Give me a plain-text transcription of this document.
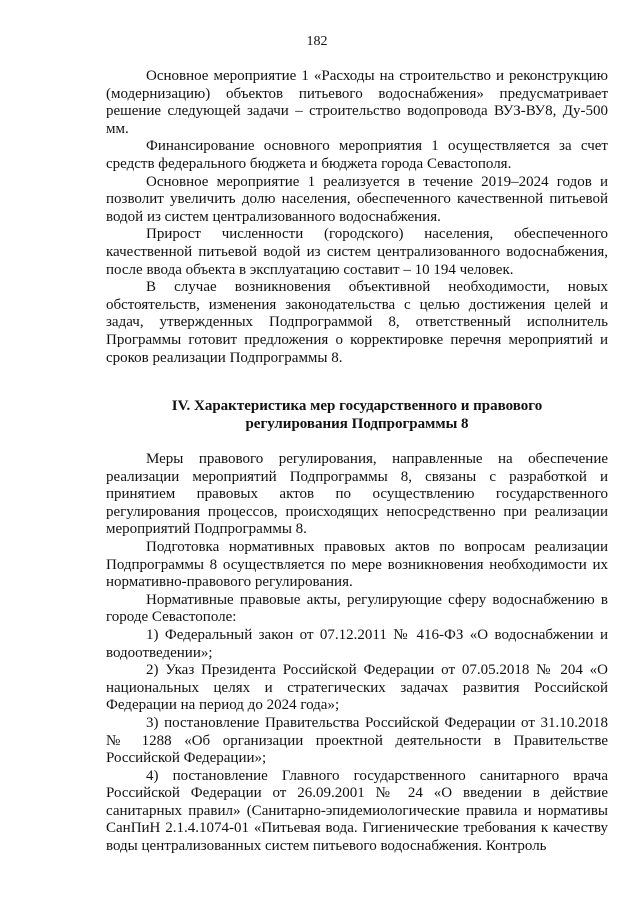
182

Основное мероприятие 1 «Расходы на строительство и реконструкцию (модернизацию) объектов питьевого водоснабжения» предусматривает решение следующей задачи – строительство водопровода ВУЗ-ВУ8, Ду-500 мм.

Финансирование основного мероприятия 1 осуществляется за счет средств федерального бюджета и бюджета города Севастополя.

Основное мероприятие 1 реализуется в течение 2019–2024 годов и позволит увеличить долю населения, обеспеченного качественной питьевой водой из систем централизованного водоснабжения.

Прирост численности (городского) населения, обеспеченного качественной питьевой водой из систем централизованного водоснабжения, после ввода объекта в эксплуатацию составит – 10 194 человек.

В случае возникновения объективной необходимости, новых обстоятельств, изменения законодательства с целью достижения целей и задач, утвержденных Подпрограммой 8, ответственный исполнитель Программы готовит предложения о корректировке перечня мероприятий и сроков реализации Подпрограммы 8.

IV. Характеристика мер государственного и правового
регулирования Подпрограммы 8

Меры правового регулирования, направленные на обеспечение реализации мероприятий Подпрограммы 8, связаны с разработкой и принятием правовых актов по осуществлению государственного регулирования процессов, происходящих непосредственно при реализации мероприятий Подпрограммы 8.

Подготовка нормативных правовых актов по вопросам реализации Подпрограммы 8 осуществляется по мере возникновения необходимости их нормативно-правового регулирования.

Нормативные правовые акты, регулирующие сферу водоснабжению в городе Севастополе:

1) Федеральный закон от 07.12.2011 № 416-ФЗ «О водоснабжении и водоотведении»;

2) Указ Президента Российской Федерации от 07.05.2018 № 204 «О национальных целях и стратегических задачах развития Российской Федерации на период до 2024 года»;

3) постановление Правительства Российской Федерации от 31.10.2018 № 1288 «Об организации проектной деятельности в Правительстве Российской Федерации»;

4) постановление Главного государственного санитарного врача Российской Федерации от 26.09.2001 № 24 «О введении в действие санитарных правил» (Санитарно-эпидемиологические правила и нормативы СанПиН 2.1.4.1074-01 «Питьевая вода. Гигиенические требования к качеству воды централизованных систем питьевого водоснабжения. Контроль
